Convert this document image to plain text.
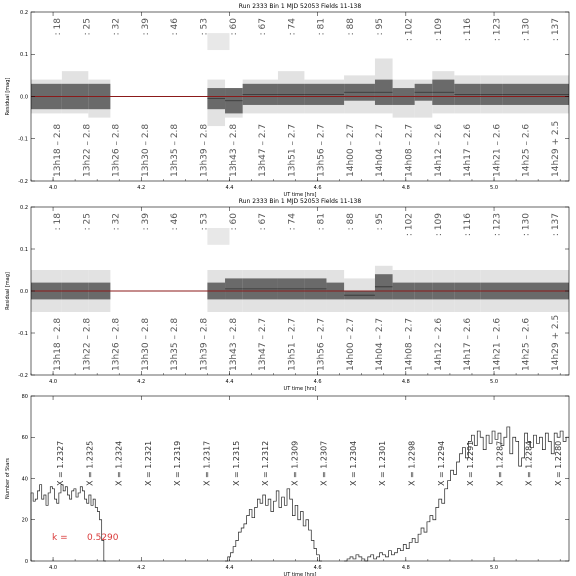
: 18 : 25 : 32 : 39 : 46 : 53 : 60 : 67 : 74 : 81 : 88 : 95 : 102 : 109 : 116 : 123 : 130 : 137
13h18 – 2.8 13h22 – 2.8 13h26 – 2.8 13h30 – 2.8 13h35 – 2.8 13h39 – 2.8 13h43 – 2.8 13h47 – 2.7 13h51 – 2.7 13h56 – 2.7 14h00 – 2.7 14h04 – 2.7 14h08 – 2.7 14h12 – 2.6 14h17 – 2.6 14h21 – 2.6 14h25 – 2.6 14h29 + 2.5
4.0	4.2	4.4	4.6	4.8	5.0
-0.2
-0.1
0.0
0.1
0.2
UT time [hrs]
Residual [mag]
Run 2333 Bin 1 MJD 52053 Fields 11-138
: 18 : 25 : 32 : 39 : 46 : 53 : 60 : 67 : 74 : 81 : 88 : 95 : 102 : 109 : 116 : 123 : 130 : 137
13h18 – 2.8 13h22 – 2.8 13h26 – 2.8 13h30 – 2.8 13h35 – 2.8 13h39 – 2.8 13h43 – 2.8 13h47 – 2.7 13h51 – 2.7 13h56 – 2.7 14h00 – 2.7 14h04 – 2.7 14h08 – 2.7 14h12 – 2.6 14h17 – 2.6 14h21 – 2.6 14h25 – 2.6 14h29 + 2.5
4.0	4.2	4.4	4.6	4.8	5.0
-0.2
-0.1
0.0
0.1
0.2
UT time [hrs]
Residual [mag]
Run 2333 Bin 1 MJD 52053 Fields 11-138
X = 1.2327	X = 1.2325	X = 1.2324	X = 1.2321	X = 1.2319	X = 1.2317	X = 1.2315	X = 1.2312	X = 1.2309	X = 1.2307	X = 1.2304	X = 1.2301	X = 1.2298	X = 1.2294	X = 1.2291	X = 1.2287	X = 1.2284	X = 1.2280
k = 0.5290
4.0	4.2	4.4	4.6	4.8	5.0
0
20
40
60
80
UT time [hrs]
Number of Stars
